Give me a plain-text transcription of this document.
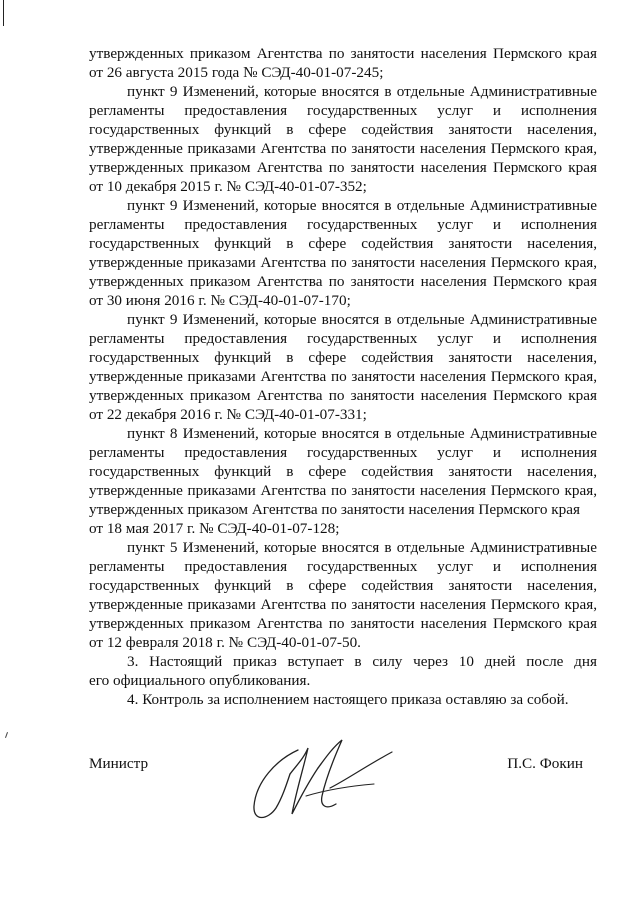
утвержденных приказом Агентства по занятости населения Пермского края
от 26 августа 2015 года № СЭД-40-01-07-245;
пункт 9 Изменений, которые вносятся в отдельные Административные
регламенты предоставления государственных услуг и исполнения
государственных функций в сфере содействия занятости населения,
утвержденные приказами Агентства по занятости населения Пермского края,
утвержденных приказом Агентства по занятости населения Пермского края
от 10 декабря 2015 г. № СЭД-40-01-07-352;
пункт 9 Изменений, которые вносятся в отдельные Административные
регламенты предоставления государственных услуг и исполнения
государственных функций в сфере содействия занятости населения,
утвержденные приказами Агентства по занятости населения Пермского края,
утвержденных приказом Агентства по занятости населения Пермского края
от 30 июня 2016 г. № СЭД-40-01-07-170;
пункт 9 Изменений, которые вносятся в отдельные Административные
регламенты предоставления государственных услуг и исполнения
государственных функций в сфере содействия занятости населения,
утвержденные приказами Агентства по занятости населения Пермского края,
утвержденных приказом Агентства по занятости населения Пермского края
от 22 декабря 2016 г. № СЭД-40-01-07-331;
пункт 8 Изменений, которые вносятся в отдельные Административные
регламенты предоставления государственных услуг и исполнения
государственных функций в сфере содействия занятости населения,
утвержденные приказами Агентства по занятости населения Пермского края,
утвержденных приказом Агентства по занятости населения Пермского края
от 18 мая 2017 г. № СЭД-40-01-07-128;
пункт 5 Изменений, которые вносятся в отдельные Административные
регламенты предоставления государственных услуг и исполнения
государственных функций в сфере содействия занятости населения,
утвержденные приказами Агентства по занятости населения Пермского края,
утвержденных приказом Агентства по занятости населения Пермского края
от 12 февраля 2018 г. № СЭД-40-01-07-50.
3. Настоящий приказ вступает в силу через 10 дней после дня
его официального опубликования.
4. Контроль за исполнением настоящего приказа оставляю за собой.
Министр	П.С. Фокин
